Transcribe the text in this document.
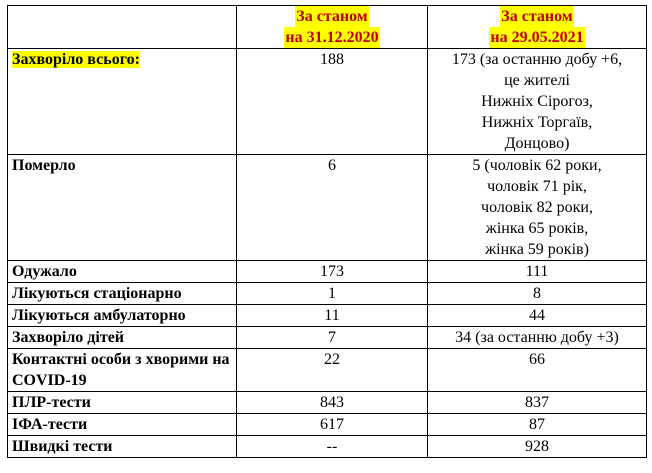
	За станом
на 31.12.2020	За станом
на 29.05.2021
Захворіло всього:	188	173 (за останню добу +6,
це жителі
Нижніх Сірогоз,
Нижніх Торгаїв,
Донцово)

Померло	6	5 (чоловік 62 роки,
чоловік 71 рік,
чоловік 82 роки,
жінка 65 років,
жінка 59 років)

Одужало	173	111
Лікуються стаціонарно	1	8
Лікуються амбулаторно	11	44
Захворіло дітей	7	34 (за останню добу +3)
Контактні особи з хворими на COVID-19	22	66
ПЛР-тести	843	837
ІФА-тести	617	87
Швидкі тести	--	928
